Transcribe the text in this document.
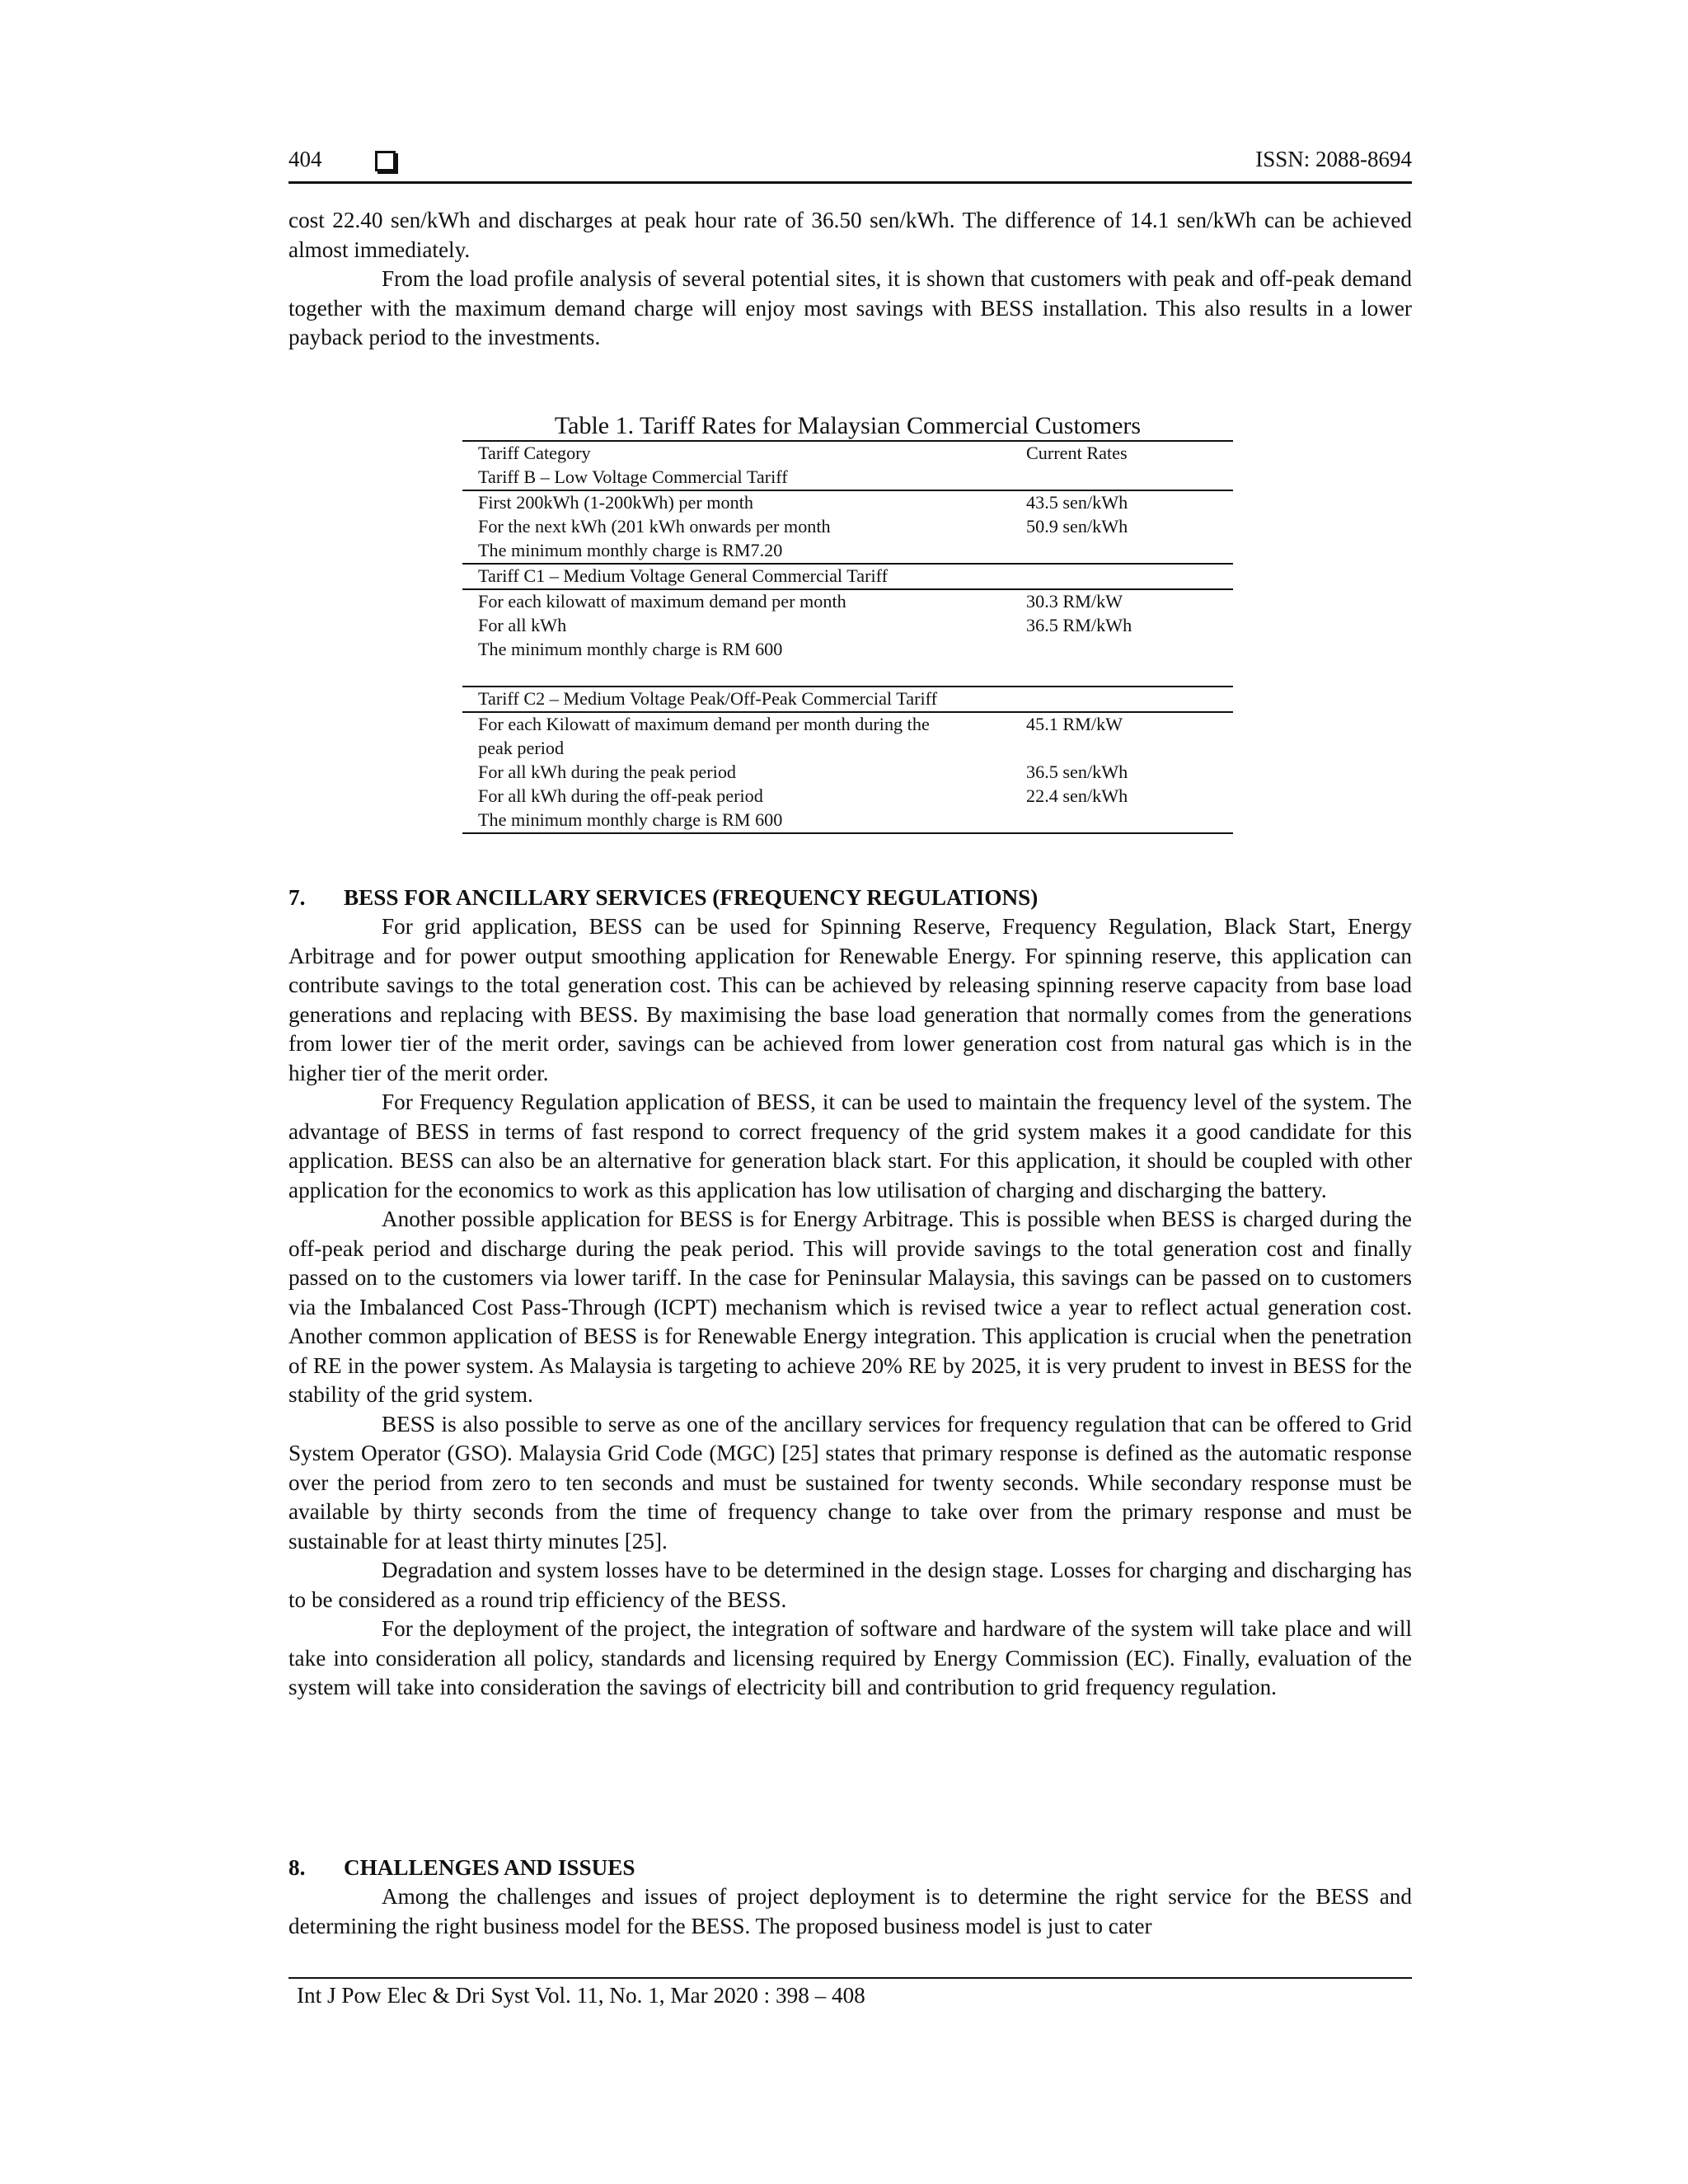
404	ISSN: 2088-8694

cost 22.40 sen/kWh and discharges at peak hour rate of 36.50 sen/kWh. The difference of 14.1 sen/kWh can be achieved almost immediately.

From the load profile analysis of several potential sites, it is shown that customers with peak and off-peak demand together with the maximum demand charge will enjoy most savings with BESS installation. This also results in a lower payback period to the investments.

Table 1. Tariff Rates for Malaysian Commercial Customers
Tariff Category	Current Rates
Tariff B – Low Voltage Commercial Tariff	
First 200kWh (1-200kWh) per month	43.5 sen/kWh
For the next kWh (201 kWh onwards per month	50.9 sen/kWh
The minimum monthly charge is RM7.20	
Tariff C1 – Medium Voltage General Commercial Tariff	
For each kilowatt of maximum demand per month	30.3 RM/kW
For all kWh	36.5 RM/kWh
The minimum monthly charge is RM 600	

Tariff C2 – Medium Voltage Peak/Off-Peak Commercial Tariff	
For each Kilowatt of maximum demand per month during the	45.1 RM/kW
peak period	
For all kWh during the peak period	36.5 sen/kWh
For all kWh during the off-peak period	22.4 sen/kWh
The minimum monthly charge is RM 600	
7. BESS FOR ANCILLARY SERVICES (FREQUENCY REGULATIONS)

For grid application, BESS can be used for Spinning Reserve, Frequency Regulation, Black Start, Energy Arbitrage and for power output smoothing application for Renewable Energy. For spinning reserve, this application can contribute savings to the total generation cost. This can be achieved by releasing spinning reserve capacity from base load generations and replacing with BESS. By maximising the base load generation that normally comes from the generations from lower tier of the merit order, savings can be achieved from lower generation cost from natural gas which is in the higher tier of the merit order.

For Frequency Regulation application of BESS, it can be used to maintain the frequency level of the system. The advantage of BESS in terms of fast respond to correct frequency of the grid system makes it a good candidate for this application. BESS can also be an alternative for generation black start. For this application, it should be coupled with other application for the economics to work as this application has low utilisation of charging and discharging the battery.

Another possible application for BESS is for Energy Arbitrage. This is possible when BESS is charged during the off-peak period and discharge during the peak period. This will provide savings to the total generation cost and finally passed on to the customers via lower tariff. In the case for Peninsular Malaysia, this savings can be passed on to customers via the Imbalanced Cost Pass-Through (ICPT) mechanism which is revised twice a year to reflect actual generation cost. Another common application of BESS is for Renewable Energy integration. This application is crucial when the penetration of RE in the power system. As Malaysia is targeting to achieve 20% RE by 2025, it is very prudent to invest in BESS for the stability of the grid system.

BESS is also possible to serve as one of the ancillary services for frequency regulation that can be offered to Grid System Operator (GSO). Malaysia Grid Code (MGC) [25] states that primary response is defined as the automatic response over the period from zero to ten seconds and must be sustained for twenty seconds. While secondary response must be available by thirty seconds from the time of frequency change to take over from the primary response and must be sustainable for at least thirty minutes [25].

Degradation and system losses have to be determined in the design stage. Losses for charging and discharging has to be considered as a round trip efficiency of the BESS.

For the deployment of the project, the integration of software and hardware of the system will take place and will take into consideration all policy, standards and licensing required by Energy Commission (EC). Finally, evaluation of the system will take into consideration the savings of electricity bill and contribution to grid frequency regulation.

8. CHALLENGES AND ISSUES

Among the challenges and issues of project deployment is to determine the right service for the BESS and determining the right business model for the BESS. The proposed business model is just to cater

Int J Pow Elec & Dri Syst Vol. 11, No. 1, Mar 2020 : 398 – 408
